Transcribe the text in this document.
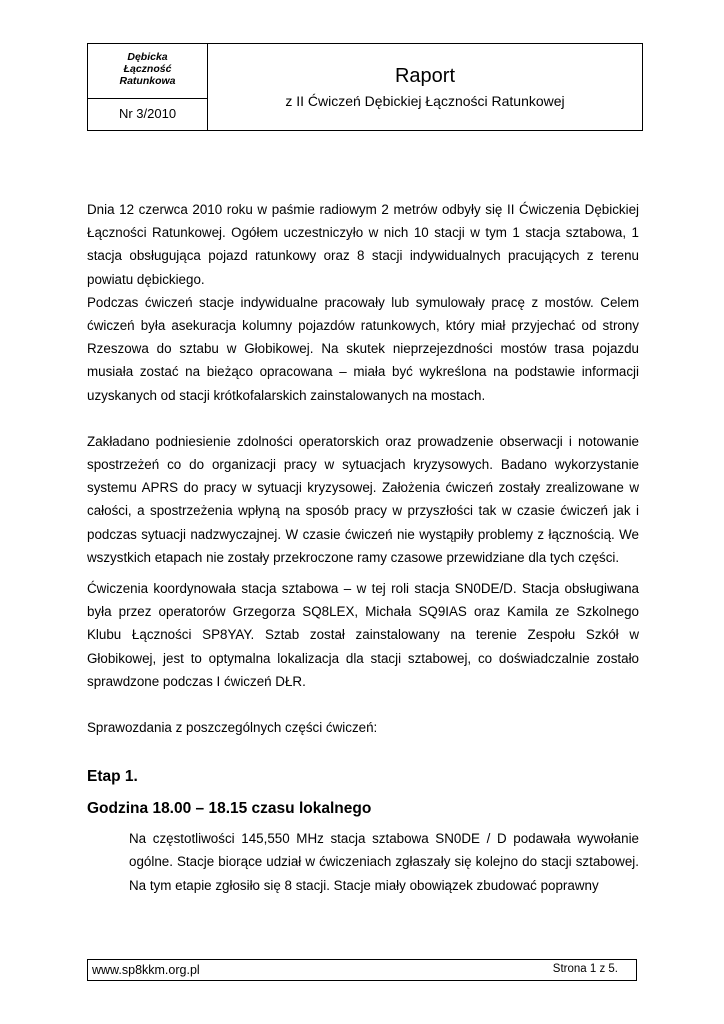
Dębicka
Łączność
Ratunkowa
Nr 3/2010
Raport
z II Ćwiczeń Dębickiej Łączności Ratunkowej

Dnia 12 czerwca 2010 roku w paśmie radiowym 2 metrów odbyły się II Ćwiczenia Dębickiej Łączności Ratunkowej. Ogółem uczestniczyło w nich 10 stacji w tym 1 stacja sztabowa, 1 stacja obsługująca pojazd ratunkowy oraz 8 stacji indywidualnych pracujących z terenu powiatu dębickiego.

Podczas ćwiczeń stacje indywidualne pracowały lub symulowały pracę z mostów. Celem ćwiczeń była asekuracja kolumny pojazdów ratunkowych, który miał przyjechać od strony Rzeszowa do sztabu w Głobikowej. Na skutek nieprzejezdności mostów trasa pojazdu musiała zostać na bieżąco opracowana – miała być wykreślona na podstawie informacji uzyskanych od stacji krótkofalarskich zainstalowanych na mostach.

Zakładano podniesienie zdolności operatorskich oraz prowadzenie obserwacji i notowanie spostrzeżeń co do organizacji pracy w sytuacjach kryzysowych. Badano wykorzystanie systemu APRS do pracy w sytuacji kryzysowej. Założenia ćwiczeń zostały zrealizowane w całości, a spostrzeżenia wpłyną na sposób pracy w przyszłości tak w czasie ćwiczeń jak i podczas sytuacji nadzwyczajnej. W czasie ćwiczeń nie wystąpiły problemy z łącznością. We wszystkich etapach nie zostały przekroczone ramy czasowe przewidziane dla tych części.

Ćwiczenia koordynowała stacja sztabowa – w tej roli stacja SN0DE/D. Stacja obsługiwana była przez operatorów Grzegorza SQ8LEX, Michała SQ9IAS oraz Kamila ze Szkolnego Klubu Łączności SP8YAY. Sztab został zainstalowany na terenie Zespołu Szkół w Głobikowej, jest to optymalna lokalizacja dla stacji sztabowej, co doświadczalnie zostało sprawdzone podczas I ćwiczeń DŁR.

Sprawozdania z poszczególnych części ćwiczeń:

Etap 1.

Godzina 18.00 – 18.15 czasu lokalnego

Na częstotliwości 145,550 MHz stacja sztabowa SN0DE / D podawała wywołanie ogólne. Stacje biorące udział w ćwiczeniach zgłaszały się kolejno do stacji sztabowej. Na tym etapie zgłosiło się 8 stacji. Stacje miały obowiązek zbudować poprawny

www.sp8kkm.org.pl	Strona 1 z 5.
